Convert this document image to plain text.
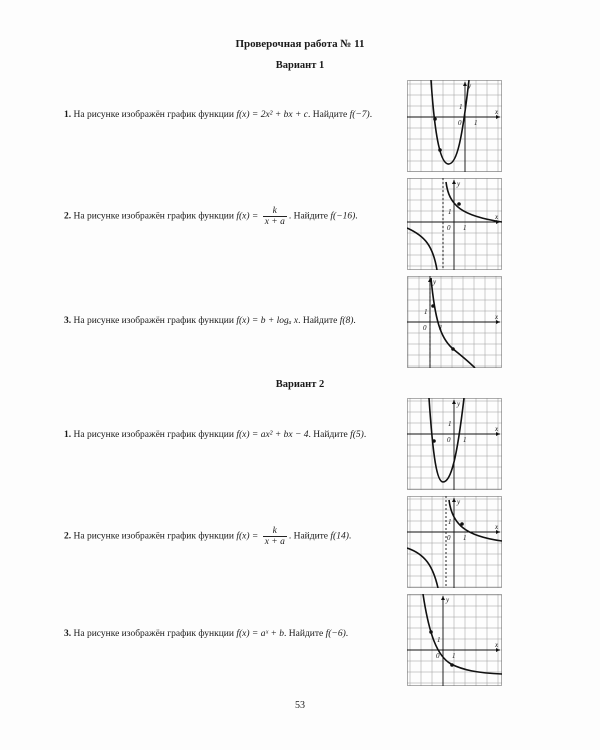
Проверочная работа № 11
Вариант 1
1. На рисунке изображён график функции f(x) = 2x² + bx + c. Найдите f(−7).
2. На рисунке изображён график функции $f(x) = \frac{k}{x + a}$ . Найдите f(−16).
3. На рисунке изображён график функции f(x) = b + logₐ x. Найдите f(8).
Вариант 2
1. На рисунке изображён график функции f(x) = ax² + bx − 4. Найдите f(5).
2. На рисунке изображён график функции $f(x) = \frac{k}{x + a}$ . Найдите f(14).
3. На рисунке изображён график функции f(x) = aˣ + b. Найдите f(−6).
x
y
0 1
1
x
y
0 1
1
x
y
0 1
1
x
y
0 1
1
x
y
0 1
1
x
y
0 1
1
53
